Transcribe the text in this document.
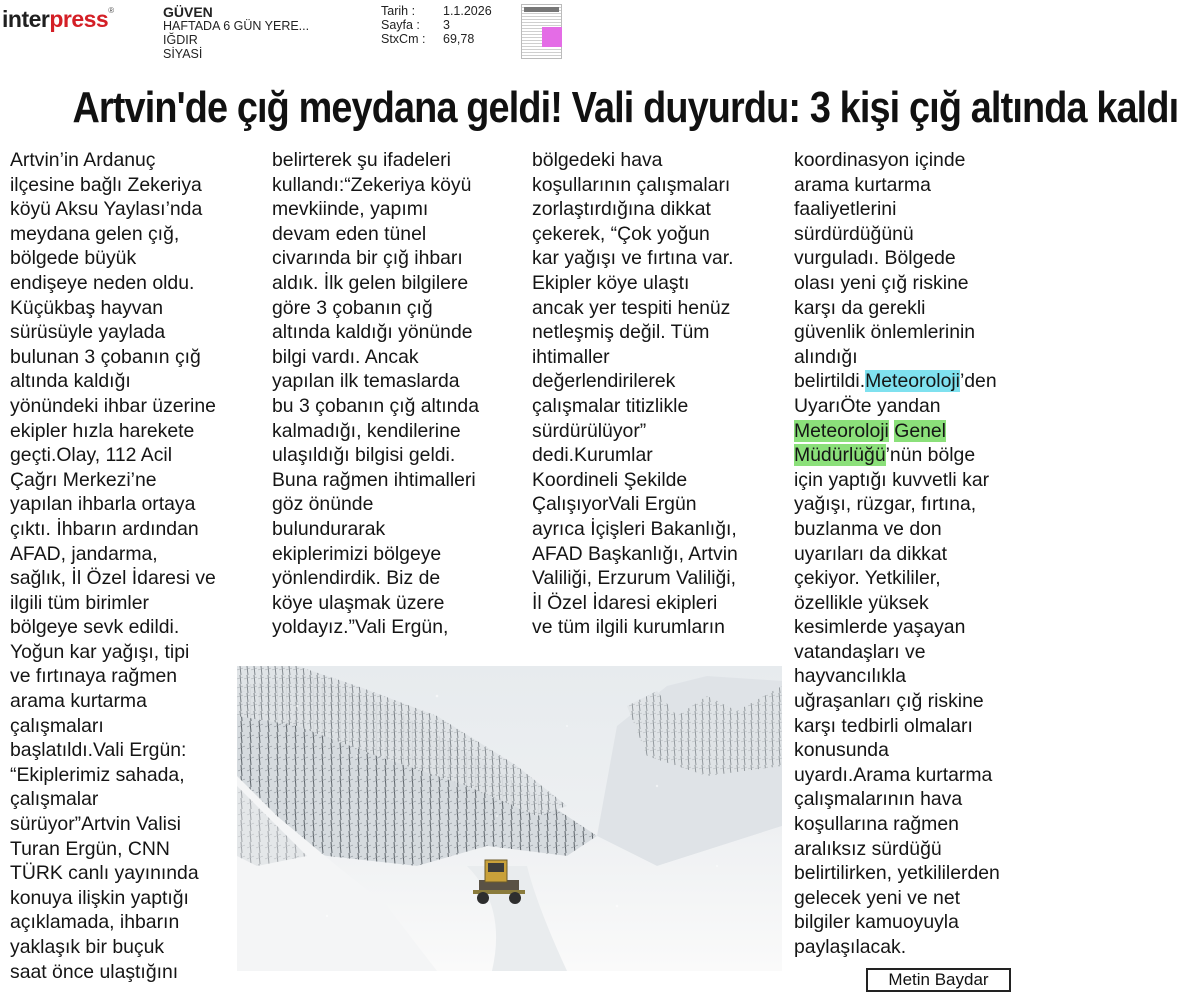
interpress®	GÜVEN
HAFTADA 6 GÜN YERE...
IĞDIR
SİYASİ
Tarih :	1.1.2026
Sayfa :	3
StxCm :	69,78
Artvin'de çığ meydana geldi! Vali duyurdu: 3 kişi çığ altında kaldı
Artvin’in Ardanuç
ilçesine bağlı Zekeriya
köyü Aksu Yaylası’nda
meydana gelen çığ,
bölgede büyük
endişeye neden oldu.
Küçükbaş hayvan
sürüsüyle yaylada
bulunan 3 çobanın çığ
altında kaldığı
yönündeki ihbar üzerine
ekipler hızla harekete
geçti.Olay, 112 Acil
Çağrı Merkezi’ne
yapılan ihbarla ortaya
çıktı. İhbarın ardından
AFAD, jandarma,
sağlık, İl Özel İdaresi ve
ilgili tüm birimler
bölgeye sevk edildi.
Yoğun kar yağışı, tipi
ve fırtınaya rağmen
arama kurtarma
çalışmaları
başlatıldı.Vali Ergün:
“Ekiplerimiz sahada,
çalışmalar
sürüyor”Artvin Valisi
Turan Ergün, CNN
TÜRK canlı yayınında
konuya ilişkin yaptığı
açıklamada, ihbarın
yaklaşık bir buçuk
saat önce ulaştığını
belirterek şu ifadeleri
kullandı:“Zekeriya köyü
mevkiinde, yapımı
devam eden tünel
civarında bir çığ ihbarı
aldık. İlk gelen bilgilere
göre 3 çobanın çığ
altında kaldığı yönünde
bilgi vardı. Ancak
yapılan ilk temaslarda
bu 3 çobanın çığ altında
kalmadığı, kendilerine
ulaşıldığı bilgisi geldi.
Buna rağmen ihtimalleri
göz önünde
bulundurarak
ekiplerimizi bölgeye
yönlendirdik. Biz de
köye ulaşmak üzere
yoldayız.”Vali Ergün,
bölgedeki hava
koşullarının çalışmaları
zorlaştırdığına dikkat
çekerek, “Çok yoğun
kar yağışı ve fırtına var.
Ekipler köye ulaştı
ancak yer tespiti henüz
netleşmiş değil. Tüm
ihtimaller
değerlendirilerek
çalışmalar titizlikle
sürdürülüyor”
dedi.Kurumlar
Koordineli Şekilde
ÇalışıyorVali Ergün
ayrıca İçişleri Bakanlığı,
AFAD Başkanlığı, Artvin
Valiliği, Erzurum Valiliği,
İl Özel İdaresi ekipleri
ve tüm ilgili kurumların
koordinasyon içinde
arama kurtarma
faaliyetlerini
sürdürdüğünü
vurguladı. Bölgede
olası yeni çığ riskine
karşı da gerekli
güvenlik önlemlerinin
alındığı
belirtildi.Meteoroloji’den
UyarıÖte yandan
Meteoroloji Genel
Müdürlüğü’nün bölge
için yaptığı kuvvetli kar
yağışı, rüzgar, fırtına,
buzlanma ve don
uyarıları da dikkat
çekiyor. Yetkililer,
özellikle yüksek
kesimlerde yaşayan
vatandaşları ve
hayvancılıkla
uğraşanları çığ riskine
karşı tedbirli olmaları
konusunda
uyardı.Arama kurtarma
çalışmalarının hava
koşullarına rağmen
aralıksız sürdüğü
belirtilirken, yetkililerden
gelecek yeni ve net
bilgiler kamuoyuyla
paylaşılacak.
Metin Baydar
